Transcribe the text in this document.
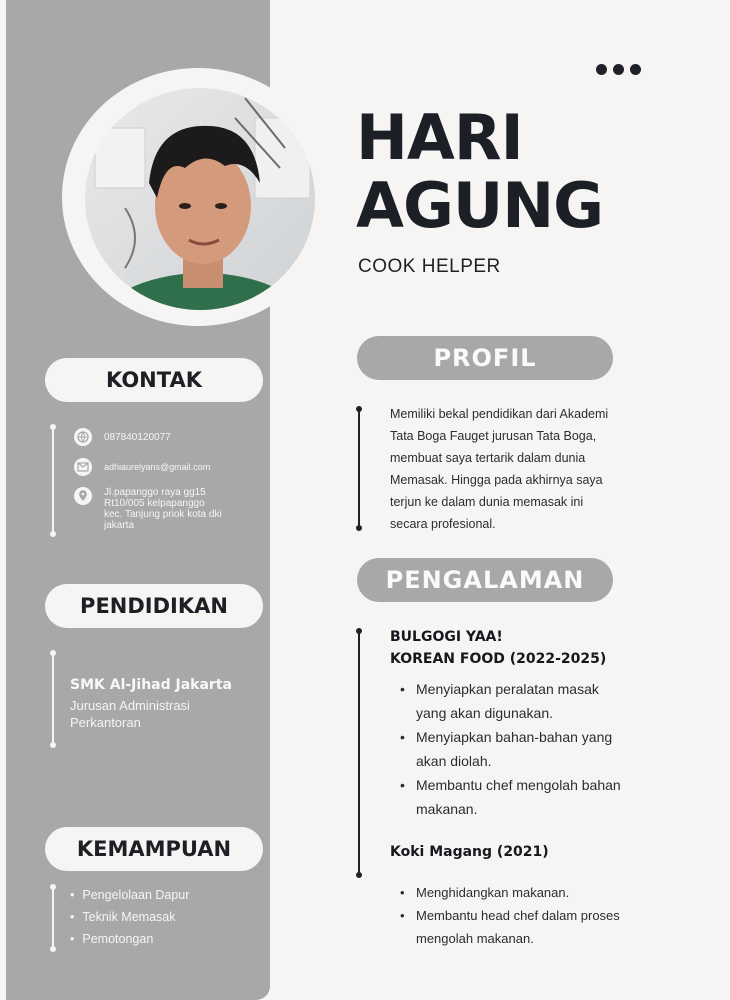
HARI
AGUNG
COOK HELPER
KONTAK
087840120077
adhiaurelyans@gmail.com
Jl.papanggo raya gg15
Rt10/005 kelpapanggo
kec. Tanjung priok kota dki
jakarta
PENDIDIKAN
SMK Al-Jihad Jakarta
Jurusan Administrasi
Perkantoran
KEMAMPUAN
• Pengelolaan Dapur
• Teknik Memasak
• Pemotongan
PROFIL
Memiliki bekal pendidikan dari Akademi
Tata Boga Fauget jurusan Tata Boga,
membuat saya tertarik dalam dunia
Memasak. Hingga pada akhirnya saya
terjun ke dalam dunia memasak ini
secara profesional.
PENGALAMAN
BULGOGI YAA!
KOREAN FOOD (2022-2025)
• Menyiapkan peralatan masak
yang akan digunakan.
• Menyiapkan bahan-bahan yang
akan diolah.
• Membantu chef mengolah bahan
makanan.
Koki Magang (2021)
• Menghidangkan makanan.
• Membantu head chef dalam proses
mengolah makanan.
